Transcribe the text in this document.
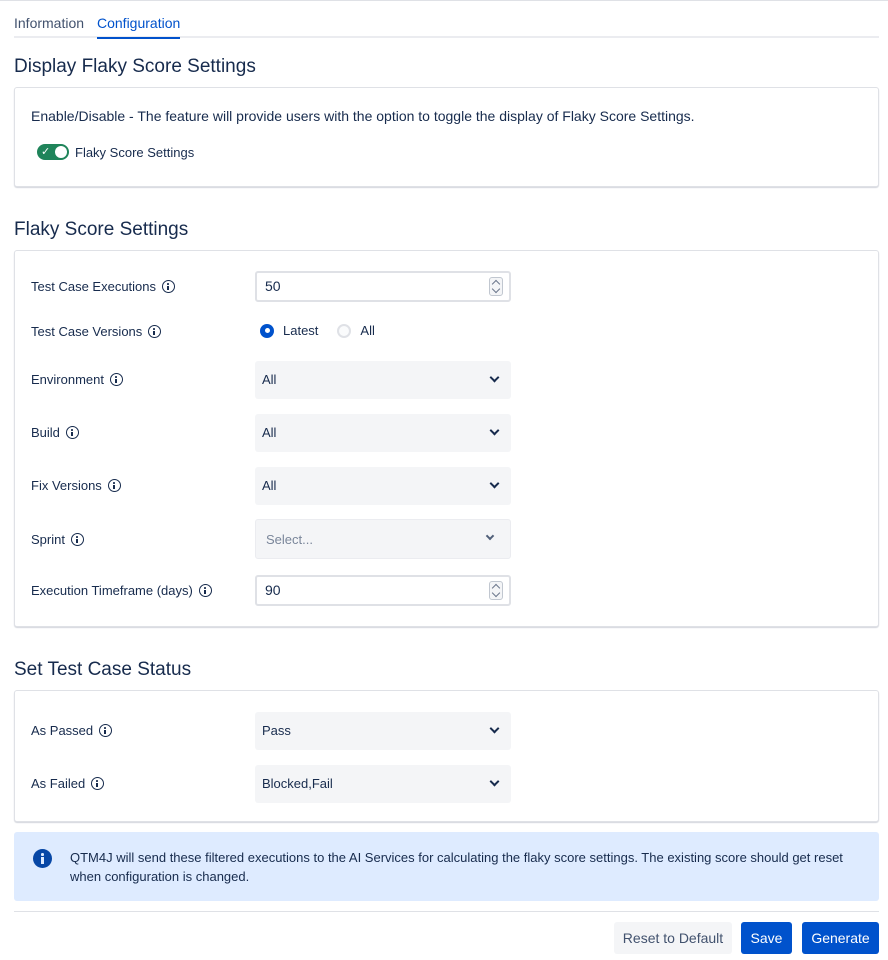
Information Configuration
Display Flaky Score Settings
Enable/Disable - The feature will provide users with the option to toggle the display of Flaky Score Settings.
✓ Flaky Score Settings
Flaky Score Settings
Test Case Executions	50
Test Case Versions	Latest	All
Environment	All
Build	All
Fix Versions	All
Sprint	Select...
Execution Timeframe (days)	90
Set Test Case Status
As Passed	Pass
As Failed	Blocked,Fail
QTM4J will send these filtered executions to the AI Services for calculating the flaky score settings. The existing score should get reset when configuration is changed.
Reset to Default	Save	Generate
